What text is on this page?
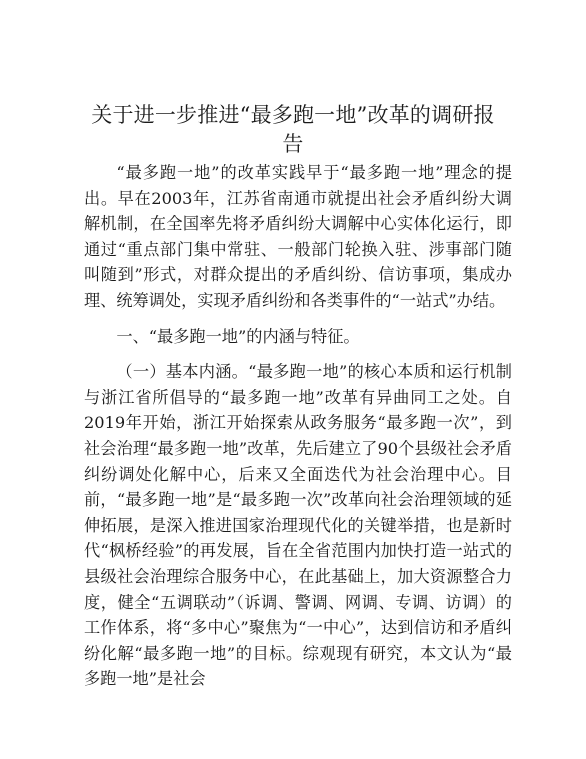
关于进一步推进“最多跑一地”改革的调研报告

“最多跑一地”的改革实践早于“最多跑一地”理念的提出。早在2003年，江苏省南通市就提出社会矛盾纠纷大调解机制，在全国率先将矛盾纠纷大调解中心实体化运行，即通过“重点部门集中常驻、一般部门轮换入驻、涉事部门随叫随到”形式，对群众提出的矛盾纠纷、信访事项，集成办理、统筹调处，实现矛盾纠纷和各类事件的“一站式”办结。

一、“最多跑一地”的内涵与特征。

（一）基本内涵。“最多跑一地”的核心本质和运行机制与浙江省所倡导的“最多跑一地”改革有异曲同工之处。自2019年开始，浙江开始探索从政务服务“最多跑一次”，到社会治理“最多跑一地”改革，先后建立了90个县级社会矛盾纠纷调处化解中心，后来又全面迭代为社会治理中心。目前，“最多跑一地”是“最多跑一次”改革向社会治理领域的延伸拓展，是深入推进国家治理现代化的关键举措，也是新时代“枫桥经验”的再发展，旨在全省范围内加快打造一站式的县级社会治理综合服务中心，在此基础上，加大资源整合力度，健全“五调联动”（诉调、警调、网调、专调、访调）的工作体系，将“多中心”聚焦为“一中心”，达到信访和矛盾纠纷化解“最多跑一地”的目标。综观现有研究，本文认为“最多跑一地”是社会
